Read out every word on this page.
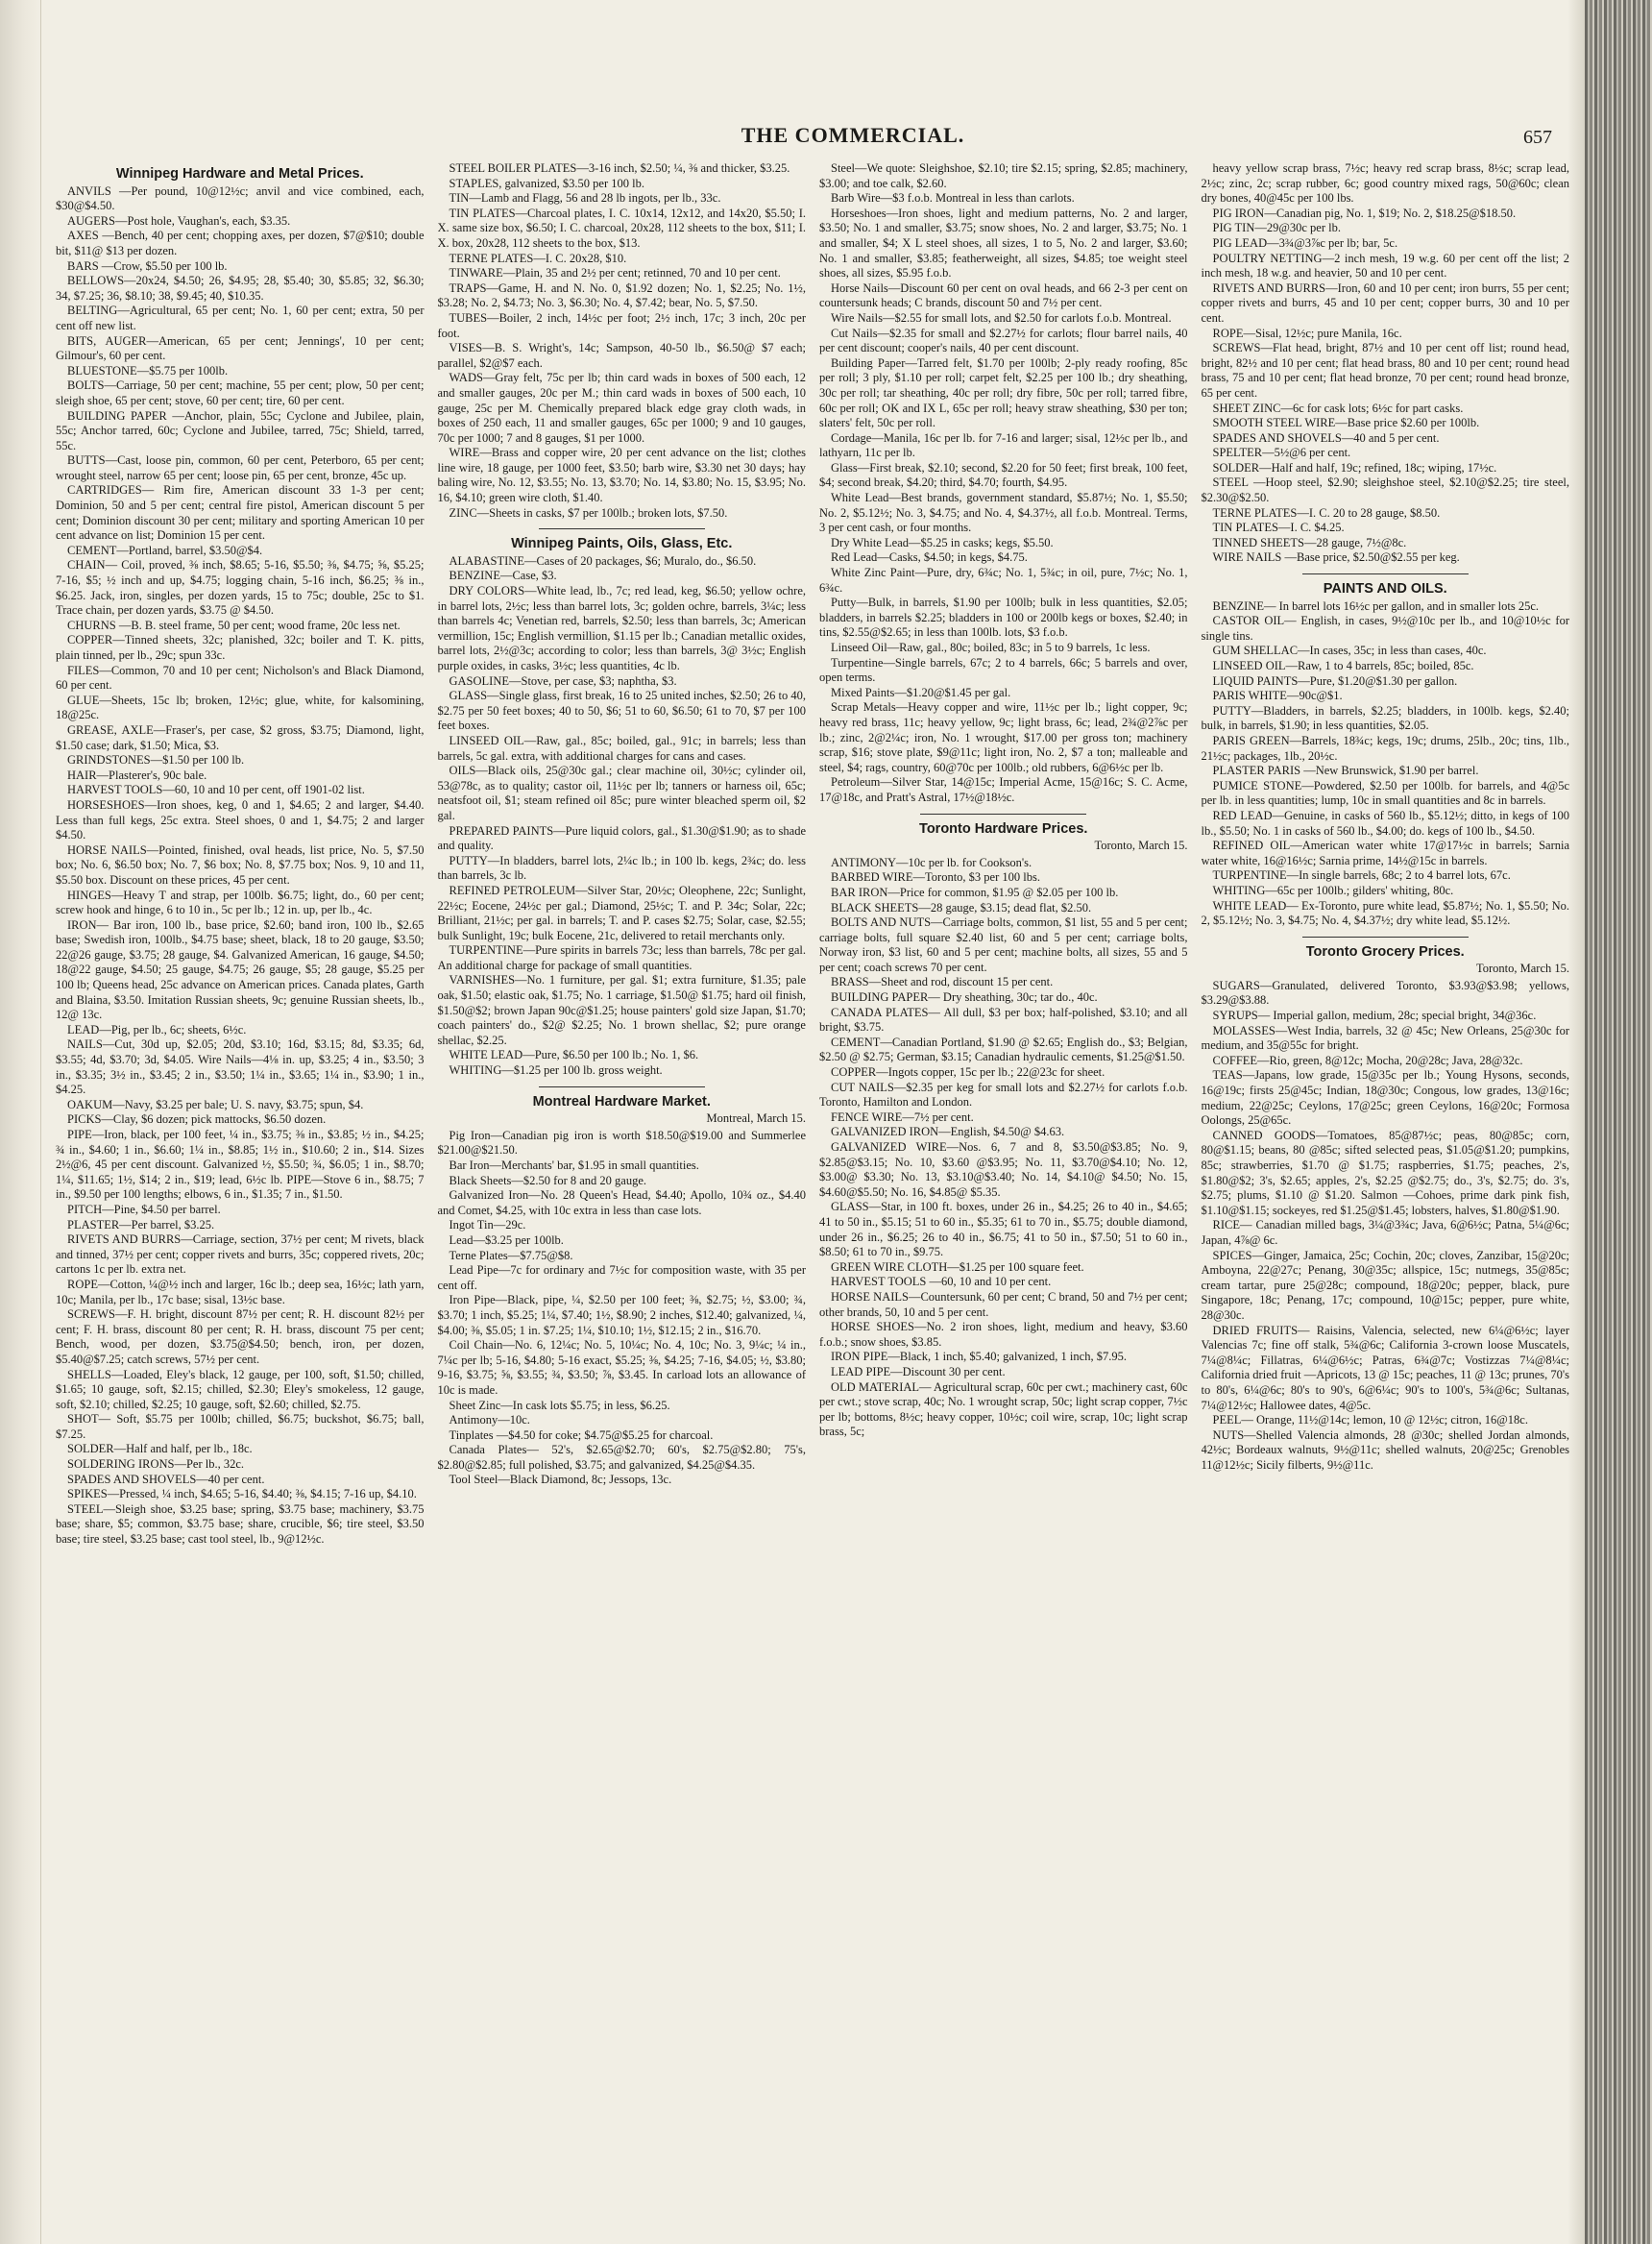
THE COMMERCIAL.	657
Winnipeg Hardware and Metal Prices.

ANVILS —Per pound, 10@12½c; anvil and vice combined, each, $30@$4.50.

AUGERS—Post hole, Vaughan's, each, $3.35.

AXES —Bench, 40 per cent; chopping axes, per dozen, $7@$10; double bit, $11@ $13 per dozen.

BARS —Crow, $5.50 per 100 lb.

BELLOWS—20x24, $4.50; 26, $4.95; 28, $5.40; 30, $5.85; 32, $6.30; 34, $7.25; 36, $8.10; 38, $9.45; 40, $10.35.

BELTING—Agricultural, 65 per cent; No. 1, 60 per cent; extra, 50 per cent off new list.

BITS, AUGER—American, 65 per cent; Jennings', 10 per cent; Gilmour's, 60 per cent.

BLUESTONE—$5.75 per 100lb.

BOLTS—Carriage, 50 per cent; machine, 55 per cent; plow, 50 per cent; sleigh shoe, 65 per cent; stove, 60 per cent; tire, 60 per cent.

BUILDING PAPER —Anchor, plain, 55c; Cyclone and Jubilee, plain, 55c; Anchor tarred, 60c; Cyclone and Jubilee, tarred, 75c; Shield, tarred, 55c.

BUTTS—Cast, loose pin, common, 60 per cent, Peterboro, 65 per cent; wrought steel, narrow 65 per cent; loose pin, 65 per cent, bronze, 45c up.

CARTRIDGES— Rim fire, American discount 33 1-3 per cent; Dominion, 50 and 5 per cent; central fire pistol, American discount 5 per cent; Dominion discount 30 per cent; military and sporting American 10 per cent advance on list; Dominion 15 per cent.

CEMENT—Portland, barrel, $3.50@$4.

CHAIN— Coil, proved, ⅜ inch, $8.65; 5-16, $5.50; ⅜, $4.75; ⅝, $5.25; 7-16, $5; ½ inch and up, $4.75; logging chain, 5-16 inch, $6.25; ⅜ in., $6.25. Jack, iron, singles, per dozen yards, 15 to 75c; double, 25c to $1. Trace chain, per dozen yards, $3.75 @ $4.50.

CHURNS —B. B. steel frame, 50 per cent; wood frame, 20c less net.

COPPER—Tinned sheets, 32c; planished, 32c; boiler and T. K. pitts, plain tinned, per lb., 29c; spun 33c.

FILES—Common, 70 and 10 per cent; Nicholson's and Black Diamond, 60 per cent.

GLUE—Sheets, 15c lb; broken, 12½c; glue, white, for kalsomining, 18@25c.

GREASE, AXLE—Fraser's, per case, $2 gross, $3.75; Diamond, light, $1.50 case; dark, $1.50; Mica, $3.

GRINDSTONES—$1.50 per 100 lb.

HAIR—Plasterer's, 90c bale.

HARVEST TOOLS—60, 10 and 10 per cent, off 1901-02 list.

HORSESHOES—Iron shoes, keg, 0 and 1, $4.65; 2 and larger, $4.40. Less than full kegs, 25c extra. Steel shoes, 0 and 1, $4.75; 2 and larger $4.50.

HORSE NAILS—Pointed, finished, oval heads, list price, No. 5, $7.50 box; No. 6, $6.50 box; No. 7, $6 box; No. 8, $7.75 box; Nos. 9, 10 and 11, $5.50 box. Discount on these prices, 45 per cent.

HINGES—Heavy T and strap, per 100lb. $6.75; light, do., 60 per cent; screw hook and hinge, 6 to 10 in., 5c per lb.; 12 in. up, per lb., 4c.

IRON— Bar iron, 100 lb., base price, $2.60; band iron, 100 lb., $2.65 base; Swedish iron, 100lb., $4.75 base; sheet, black, 18 to 20 gauge, $3.50; 22@26 gauge, $3.75; 28 gauge, $4. Galvanized American, 16 gauge, $4.50; 18@22 gauge, $4.50; 25 gauge, $4.75; 26 gauge, $5; 28 gauge, $5.25 per 100 lb; Queens head, 25c advance on American prices. Canada plates, Garth and Blaina, $3.50. Imitation Russian sheets, 9c; genuine Russian sheets, lb., 12@ 13c.

LEAD—Pig, per lb., 6c; sheets, 6½c.

NAILS—Cut, 30d up, $2.05; 20d, $3.10; 16d, $3.15; 8d, $3.35; 6d, $3.55; 4d, $3.70; 3d, $4.05. Wire Nails—4⅛ in. up, $3.25; 4 in., $3.50; 3 in., $3.35; 3½ in., $3.45; 2 in., $3.50; 1¼ in., $3.65; 1¼ in., $3.90; 1 in., $4.25.

OAKUM—Navy, $3.25 per bale; U. S. navy, $3.75; spun, $4.

PICKS—Clay, $6 dozen; pick mattocks, $6.50 dozen.

PIPE—Iron, black, per 100 feet, ¼ in., $3.75; ⅜ in., $3.85; ½ in., $4.25; ¾ in., $4.60; 1 in., $6.60; 1¼ in., $8.85; 1½ in., $10.60; 2 in., $14. Sizes 2½@6, 45 per cent discount. Galvanized ½, $5.50; ¾, $6.05; 1 in., $8.70; 1¼, $11.65; 1½, $14; 2 in., $19; lead, 6½c lb. PIPE—Stove 6 in., $8.75; 7 in., $9.50 per 100 lengths; elbows, 6 in., $1.35; 7 in., $1.50.

PITCH—Pine, $4.50 per barrel.

PLASTER—Per barrel, $3.25.

RIVETS AND BURRS—Carriage, section, 37½ per cent; M rivets, black and tinned, 37½ per cent; copper rivets and burrs, 35c; coppered rivets, 20c; cartons 1c per lb. extra net.

ROPE—Cotton, ¼@½ inch and larger, 16c lb.; deep sea, 16½c; lath yarn, 10c; Manila, per lb., 17c base; sisal, 13½c base.

SCREWS—F. H. bright, discount 87½ per cent; R. H. discount 82½ per cent; F. H. brass, discount 80 per cent; R. H. brass, discount 75 per cent; Bench, wood, per dozen, $3.75@$4.50; bench, iron, per dozen, $5.40@$7.25; catch screws, 57½ per cent.

SHELLS—Loaded, Eley's black, 12 gauge, per 100, soft, $1.50; chilled, $1.65; 10 gauge, soft, $2.15; chilled, $2.30; Eley's smokeless, 12 gauge, soft, $2.10; chilled, $2.25; 10 gauge, soft, $2.60; chilled, $2.75.

SHOT— Soft, $5.75 per 100lb; chilled, $6.75; buckshot, $6.75; ball, $7.25.

SOLDER—Half and half, per lb., 18c.

SOLDERING IRONS—Per lb., 32c.

SPADES AND SHOVELS—40 per cent.

SPIKES—Pressed, ¼ inch, $4.65; 5-16, $4.40; ⅜, $4.15; 7-16 up, $4.10.

STEEL—Sleigh shoe, $3.25 base; spring, $3.75 base; machinery, $3.75 base; share, $5; common, $3.75 base; share, crucible, $6; tire steel, $3.50 base; tire steel, $3.25 base; cast tool steel, lb., 9@12½c.

STEEL BOILER PLATES—3-16 inch, $2.50; ¼, ⅜ and thicker, $3.25.

STAPLES, galvanized, $3.50 per 100 lb.

TIN—Lamb and Flagg, 56 and 28 lb ingots, per lb., 33c.

TIN PLATES—Charcoal plates, I. C. 10x14, 12x12, and 14x20, $5.50; I. X. same size box, $6.50; I. C. charcoal, 20x28, 112 sheets to the box, $11; I. X. box, 20x28, 112 sheets to the box, $13.

TERNE PLATES—I. C. 20x28, $10.

TINWARE—Plain, 35 and 2½ per cent; retinned, 70 and 10 per cent.

TRAPS—Game, H. and N. No. 0, $1.92 dozen; No. 1, $2.25; No. 1½, $3.28; No. 2, $4.73; No. 3, $6.30; No. 4, $7.42; bear, No. 5, $7.50.

TUBES—Boiler, 2 inch, 14½c per foot; 2½ inch, 17c; 3 inch, 20c per foot.

VISES—B. S. Wright's, 14c; Sampson, 40-50 lb., $6.50@ $7 each; parallel, $2@$7 each.

WADS—Gray felt, 75c per lb; thin card wads in boxes of 500 each, 12 and smaller gauges, 20c per M.; thin card wads in boxes of 500 each, 10 gauge, 25c per M. Chemically prepared black edge gray cloth wads, in boxes of 250 each, 11 and smaller gauges, 65c per 1000; 9 and 10 gauges, 70c per 1000; 7 and 8 gauges, $1 per 1000.

WIRE—Brass and copper wire, 20 per cent advance on the list; clothes line wire, 18 gauge, per 1000 feet, $3.50; barb wire, $3.30 net 30 days; hay baling wire, No. 12, $3.55; No. 13, $3.70; No. 14, $3.80; No. 15, $3.95; No. 16, $4.10; green wire cloth, $1.40.

ZINC—Sheets in casks, $7 per 100lb.; broken lots, $7.50.

Winnipeg Paints, Oils, Glass, Etc.

ALABASTINE—Cases of 20 packages, $6; Muralo, do., $6.50.

BENZINE—Case, $3.

DRY COLORS—White lead, lb., 7c; red lead, keg, $6.50; yellow ochre, in barrel lots, 2½c; less than barrel lots, 3c; golden ochre, barrels, 3¼c; less than barrels 4c; Venetian red, barrels, $2.50; less than barrels, 3c; American vermillion, 15c; English vermillion, $1.15 per lb.; Canadian metallic oxides, barrel lots, 2½@3c; according to color; less than barrels, 3@ 3½c; English purple oxides, in casks, 3½c; less quantities, 4c lb.

GASOLINE—Stove, per case, $3; naphtha, $3.

GLASS—Single glass, first break, 16 to 25 united inches, $2.50; 26 to 40, $2.75 per 50 feet boxes; 40 to 50, $6; 51 to 60, $6.50; 61 to 70, $7 per 100 feet boxes.

LINSEED OIL—Raw, gal., 85c; boiled, gal., 91c; in barrels; less than barrels, 5c gal. extra, with additional charges for cans and cases.

OILS—Black oils, 25@30c gal.; clear machine oil, 30½c; cylinder oil, 53@78c, as to quality; castor oil, 11½c per lb; tanners or harness oil, 65c; neatsfoot oil, $1; steam refined oil 85c; pure winter bleached sperm oil, $2 gal.

PREPARED PAINTS—Pure liquid colors, gal., $1.30@$1.90; as to shade and quality.

PUTTY—In bladders, barrel lots, 2¼c lb.; in 100 lb. kegs, 2¾c; do. less than barrels, 3c lb.

REFINED PETROLEUM—Silver Star, 20½c; Oleophene, 22c; Sunlight, 22½c; Eocene, 24½c per gal.; Diamond, 25½c; T. and P. 34c; Solar, 22c; Brilliant, 21½c; per gal. in barrels; T. and P. cases $2.75; Solar, case, $2.55; bulk Sunlight, 19c; bulk Eocene, 21c, delivered to retail merchants only.

TURPENTINE—Pure spirits in barrels 73c; less than barrels, 78c per gal. An additional charge for package of small quantities.

VARNISHES—No. 1 furniture, per gal. $1; extra furniture, $1.35; pale oak, $1.50; elastic oak, $1.75; No. 1 carriage, $1.50@ $1.75; hard oil finish, $1.50@$2; brown Japan 90c@$1.25; house painters' gold size Japan, $1.70; coach painters' do., $2@ $2.25; No. 1 brown shellac, $2; pure orange shellac, $2.25.

WHITE LEAD—Pure, $6.50 per 100 lb.; No. 1, $6.

WHITING—$1.25 per 100 lb. gross weight.

Montreal Hardware Market.
Montreal, March 15.

Pig Iron—Canadian pig iron is worth $18.50@$19.00 and Summerlee $21.00@$21.50.

Bar Iron—Merchants' bar, $1.95 in small quantities.

Black Sheets—$2.50 for 8 and 20 gauge.

Galvanized Iron—No. 28 Queen's Head, $4.40; Apollo, 10¾ oz., $4.40 and Comet, $4.25, with 10c extra in less than case lots.

Ingot Tin—29c.

Lead—$3.25 per 100lb.

Terne Plates—$7.75@$8.

Lead Pipe—7c for ordinary and 7½c for composition waste, with 35 per cent off.

Iron Pipe—Black, pipe, ¼, $2.50 per 100 feet; ⅜, $2.75; ½, $3.00; ¾, $3.70; 1 inch, $5.25; 1¼, $7.40; 1½, $8.90; 2 inches, $12.40; galvanized, ¼, $4.00; ⅜, $5.05; 1 in. $7.25; 1¼, $10.10; 1½, $12.15; 2 in., $16.70.

Coil Chain—No. 6, 12¼c; No. 5, 10¼c; No. 4, 10c; No. 3, 9¼c; ¼ in., 7¼c per lb; 5-16, $4.80; 5-16 exact, $5.25; ⅜, $4.25; 7-16, $4.05; ½, $3.80; 9-16, $3.75; ⅝, $3.55; ¾, $3.50; ⅞, $3.45. In carload lots an allowance of 10c is made.

Sheet Zinc—In cask lots $5.75; in less, $6.25.

Antimony—10c.

Tinplates —$4.50 for coke; $4.75@$5.25 for charcoal.

Canada Plates— 52's, $2.65@$2.70; 60's, $2.75@$2.80; 75's, $2.80@$2.85; full polished, $3.75; and galvanized, $4.25@$4.35.

Tool Steel—Black Diamond, 8c; Jessops, 13c.

Steel—We quote: Sleighshoe, $2.10; tire $2.15; spring, $2.85; machinery, $3.00; and toe calk, $2.60.

Barb Wire—$3 f.o.b. Montreal in less than carlots.

Horseshoes—Iron shoes, light and medium patterns, No. 2 and larger, $3.50; No. 1 and smaller, $3.75; snow shoes, No. 2 and larger, $3.75; No. 1 and smaller, $4; X L steel shoes, all sizes, 1 to 5, No. 2 and larger, $3.60; No. 1 and smaller, $3.85; featherweight, all sizes, $4.85; toe weight steel shoes, all sizes, $5.95 f.o.b.

Horse Nails—Discount 60 per cent on oval heads, and 66 2-3 per cent on countersunk heads; C brands, discount 50 and 7½ per cent.

Wire Nails—$2.55 for small lots, and $2.50 for carlots f.o.b. Montreal.

Cut Nails—$2.35 for small and $2.27½ for carlots; flour barrel nails, 40 per cent discount; cooper's nails, 40 per cent discount.

Building Paper—Tarred felt, $1.70 per 100lb; 2-ply ready roofing, 85c per roll; 3 ply, $1.10 per roll; carpet felt, $2.25 per 100 lb.; dry sheathing, 30c per roll; tar sheathing, 40c per roll; dry fibre, 50c per roll; tarred fibre, 60c per roll; OK and IX L, 65c per roll; heavy straw sheathing, $30 per ton; slaters' felt, 50c per roll.

Cordage—Manila, 16c per lb. for 7-16 and larger; sisal, 12½c per lb., and lathyarn, 11c per lb.

Glass—First break, $2.10; second, $2.20 for 50 feet; first break, 100 feet, $4; second break, $4.20; third, $4.70; fourth, $4.95.

White Lead—Best brands, government standard, $5.87½; No. 1, $5.50; No. 2, $5.12½; No. 3, $4.75; and No. 4, $4.37½, all f.o.b. Montreal. Terms, 3 per cent cash, or four months.

Dry White Lead—$5.25 in casks; kegs, $5.50.

Red Lead—Casks, $4.50; in kegs, $4.75.

White Zinc Paint—Pure, dry, 6¾c; No. 1, 5¾c; in oil, pure, 7½c; No. 1, 6¾c.

Putty—Bulk, in barrels, $1.90 per 100lb; bulk in less quantities, $2.05; bladders, in barrels $2.25; bladders in 100 or 200lb kegs or boxes, $2.40; in tins, $2.55@$2.65; in less than 100lb. lots, $3 f.o.b.

Linseed Oil—Raw, gal., 80c; boiled, 83c; in 5 to 9 barrels, 1c less.

Turpentine—Single barrels, 67c; 2 to 4 barrels, 66c; 5 barrels and over, open terms.

Mixed Paints—$1.20@$1.45 per gal.

Scrap Metals—Heavy copper and wire, 11½c per lb.; light copper, 9c; heavy red brass, 11c; heavy yellow, 9c; light brass, 6c; lead, 2¾@2⅞c per lb.; zinc, 2@2¼c; iron, No. 1 wrought, $17.00 per gross ton; machinery scrap, $16; stove plate, $9@11c; light iron, No. 2, $7 a ton; malleable and steel, $4; rags, country, 60@70c per 100lb.; old rubbers, 6@6½c per lb.

Petroleum—Silver Star, 14@15c; Imperial Acme, 15@16c; S. C. Acme, 17@18c, and Pratt's Astral, 17½@18½c.

Toronto Hardware Prices.
Toronto, March 15.

ANTIMONY—10c per lb. for Cookson's.

BARBED WIRE—Toronto, $3 per 100 lbs.

BAR IRON—Price for common, $1.95 @ $2.05 per 100 lb.

BLACK SHEETS—28 gauge, $3.15; dead flat, $2.50.

BOLTS AND NUTS—Carriage bolts, common, $1 list, 55 and 5 per cent; carriage bolts, full square $2.40 list, 60 and 5 per cent; carriage bolts, Norway iron, $3 list, 60 and 5 per cent; machine bolts, all sizes, 55 and 5 per cent; coach screws 70 per cent.

BRASS—Sheet and rod, discount 15 per cent.

BUILDING PAPER— Dry sheathing, 30c; tar do., 40c.

CANADA PLATES— All dull, $3 per box; half-polished, $3.10; and all bright, $3.75.

CEMENT—Canadian Portland, $1.90 @ $2.65; English do., $3; Belgian, $2.50 @ $2.75; German, $3.15; Canadian hydraulic cements, $1.25@$1.50.

COPPER—Ingots copper, 15c per lb.; 22@23c for sheet.

CUT NAILS—$2.35 per keg for small lots and $2.27½ for carlots f.o.b. Toronto, Hamilton and London.

FENCE WIRE—7½ per cent.

GALVANIZED IRON—English, $4.50@ $4.63.

GALVANIZED WIRE—Nos. 6, 7 and 8, $3.50@$3.85; No. 9, $2.85@$3.15; No. 10, $3.60 @$3.95; No. 11, $3.70@$4.10; No. 12, $3.00@ $3.30; No. 13, $3.10@$3.40; No. 14, $4.10@ $4.50; No. 15, $4.60@$5.50; No. 16, $4.85@ $5.35.

GLASS—Star, in 100 ft. boxes, under 26 in., $4.25; 26 to 40 in., $4.65; 41 to 50 in., $5.15; 51 to 60 in., $5.35; 61 to 70 in., $5.75; double diamond, under 26 in., $6.25; 26 to 40 in., $6.75; 41 to 50 in., $7.50; 51 to 60 in., $8.50; 61 to 70 in., $9.75.

GREEN WIRE CLOTH—$1.25 per 100 square feet.

HARVEST TOOLS —60, 10 and 10 per cent.

HORSE NAILS—Countersunk, 60 per cent; C brand, 50 and 7½ per cent; other brands, 50, 10 and 5 per cent.

HORSE SHOES—No. 2 iron shoes, light, medium and heavy, $3.60 f.o.b.; snow shoes, $3.85.

IRON PIPE—Black, 1 inch, $5.40; galvanized, 1 inch, $7.95.

LEAD PIPE—Discount 30 per cent.

OLD MATERIAL— Agricultural scrap, 60c per cwt.; machinery cast, 60c per cwt.; stove scrap, 40c; No. 1 wrought scrap, 50c; light scrap copper, 7½c per lb; bottoms, 8½c; heavy copper, 10½c; coil wire, scrap, 10c; light scrap brass, 5c;

heavy yellow scrap brass, 7½c; heavy red scrap brass, 8½c; scrap lead, 2½c; zinc, 2c; scrap rubber, 6c; good country mixed rags, 50@60c; clean dry bones, 40@45c per 100 lbs.

PIG IRON—Canadian pig, No. 1, $19; No. 2, $18.25@$18.50.

PIG TIN—29@30c per lb.

PIG LEAD—3¾@3⅞c per lb; bar, 5c.

POULTRY NETTING—2 inch mesh, 19 w.g. 60 per cent off the list; 2 inch mesh, 18 w.g. and heavier, 50 and 10 per cent.

RIVETS AND BURRS—Iron, 60 and 10 per cent; iron burrs, 55 per cent; copper rivets and burrs, 45 and 10 per cent; copper burrs, 30 and 10 per cent.

ROPE—Sisal, 12½c; pure Manila, 16c.

SCREWS—Flat head, bright, 87½ and 10 per cent off list; round head, bright, 82½ and 10 per cent; flat head brass, 80 and 10 per cent; round head brass, 75 and 10 per cent; flat head bronze, 70 per cent; round head bronze, 65 per cent.

SHEET ZINC—6c for cask lots; 6½c for part casks.

SMOOTH STEEL WIRE—Base price $2.60 per 100lb.

SPADES AND SHOVELS—40 and 5 per cent.

SPELTER—5½@6 per cent.

SOLDER—Half and half, 19c; refined, 18c; wiping, 17½c.

STEEL —Hoop steel, $2.90; sleighshoe steel, $2.10@$2.25; tire steel, $2.30@$2.50.

TERNE PLATES—I. C. 20 to 28 gauge, $8.50.

TIN PLATES—I. C. $4.25.

TINNED SHEETS—28 gauge, 7½@8c.

WIRE NAILS —Base price, $2.50@$2.55 per keg.

PAINTS AND OILS.

BENZINE— In barrel lots 16½c per gallon, and in smaller lots 25c.

CASTOR OIL— English, in cases, 9½@10c per lb., and 10@10½c for single tins.

GUM SHELLAC—In cases, 35c; in less than cases, 40c.

LINSEED OIL—Raw, 1 to 4 barrels, 85c; boiled, 85c.

LIQUID PAINTS—Pure, $1.20@$1.30 per gallon.

PARIS WHITE—90c@$1.

PUTTY—Bladders, in barrels, $2.25; bladders, in 100lb. kegs, $2.40; bulk, in barrels, $1.90; in less quantities, $2.05.

PARIS GREEN—Barrels, 18¾c; kegs, 19c; drums, 25lb., 20c; tins, 1lb., 21½c; packages, 1lb., 20½c.

PLASTER PARIS —New Brunswick, $1.90 per barrel.

PUMICE STONE—Powdered, $2.50 per 100lb. for barrels, and 4@5c per lb. in less quantities; lump, 10c in small quantities and 8c in barrels.

RED LEAD—Genuine, in casks of 560 lb., $5.12½; ditto, in kegs of 100 lb., $5.50; No. 1 in casks of 560 lb., $4.00; do. kegs of 100 lb., $4.50.

REFINED OIL—American water white 17@17½c in barrels; Sarnia water white, 16@16½c; Sarnia prime, 14½@15c in barrels.

TURPENTINE—In single barrels, 68c; 2 to 4 barrel lots, 67c.

WHITING—65c per 100lb.; gilders' whiting, 80c.

WHITE LEAD— Ex-Toronto, pure white lead, $5.87½; No. 1, $5.50; No. 2, $5.12½; No. 3, $4.75; No. 4, $4.37½; dry white lead, $5.12½.

Toronto Grocery Prices.
Toronto, March 15.

SUGARS—Granulated, delivered Toronto, $3.93@$3.98; yellows, $3.29@$3.88.

SYRUPS— Imperial gallon, medium, 28c; special bright, 34@36c.

MOLASSES—West India, barrels, 32 @ 45c; New Orleans, 25@30c for medium, and 35@55c for bright.

COFFEE—Rio, green, 8@12c; Mocha, 20@28c; Java, 28@32c.

TEAS—Japans, low grade, 15@35c per lb.; Young Hysons, seconds, 16@19c; firsts 25@45c; Indian, 18@30c; Congous, low grades, 13@16c; medium, 22@25c; Ceylons, 17@25c; green Ceylons, 16@20c; Formosa Oolongs, 25@65c.

CANNED GOODS—Tomatoes, 85@87½c; peas, 80@85c; corn, 80@$1.15; beans, 80 @85c; sifted selected peas, $1.05@$1.20; pumpkins, 85c; strawberries, $1.70 @ $1.75; raspberries, $1.75; peaches, 2's, $1.80@$2; 3's, $2.65; apples, 2's, $2.25 @$2.75; do., 3's, $2.75; do. 3's, $2.75; plums, $1.10 @ $1.20. Salmon —Cohoes, prime dark pink fish, $1.10@$1.15; sockeyes, red $1.25@$1.45; lobsters, halves, $1.80@$1.90.

RICE— Canadian milled bags, 3¼@3¾c; Java, 6@6½c; Patna, 5¼@6c; Japan, 4⅞@ 6c.

SPICES—Ginger, Jamaica, 25c; Cochin, 20c; cloves, Zanzibar, 15@20c; Amboyna, 22@27c; Penang, 30@35c; allspice, 15c; nutmegs, 35@85c; cream tartar, pure 25@28c; compound, 18@20c; pepper, black, pure Singapore, 18c; Penang, 17c; compound, 10@15c; pepper, pure white, 28@30c.

DRIED FRUITS— Raisins, Valencia, selected, new 6¼@6½c; layer Valencias 7c; fine off stalk, 5¾@6c; California 3-crown loose Muscatels, 7¼@8¼c; Fillatras, 6¼@6½c; Patras, 6¾@7c; Vostizzas 7¼@8¼c; California dried fruit —Apricots, 13 @ 15c; peaches, 11 @ 13c; prunes, 70's to 80's, 6¼@6c; 80's to 90's, 6@6¼c; 90's to 100's, 5¾@6c; Sultanas, 7¼@12½c; Hallowee dates, 4@5c.

PEEL— Orange, 11½@14c; lemon, 10 @ 12½c; citron, 16@18c.

NUTS—Shelled Valencia almonds, 28 @30c; shelled Jordan almonds, 42½c; Bordeaux walnuts, 9½@11c; shelled walnuts, 20@25c; Grenobles 11@12½c; Sicily filberts, 9½@11c.
